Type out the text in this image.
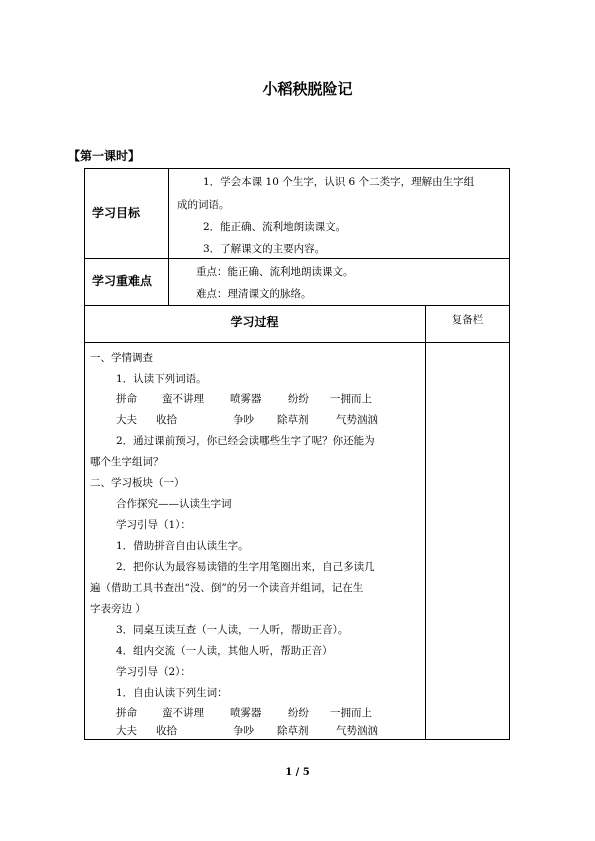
小稻秧脱险记
【第一课时】
学习目标
1．学会本课 10 个生字，认识 6 个二类字，理解由生字组
成的词语。
2．能正确、流利地朗读课文。
3．了解课文的主要内容。
学习重难点
重点：能正确、流利地朗读课文。
难点：理清课文的脉络。
学习过程	复备栏
一、学情调查
1．认读下列词语。
拼命 蛮不讲理 喷雾器	纷纷 一拥而上
大夫 收拾	争吵 除草剂	气势汹汹
2．通过课前预习，你已经会读哪些生字了呢？你还能为
哪个生字组词？
二、学习板块（一）
合作探究——认读生字词
学习引导（1）：
1．借助拼音自由认读生字。
2．把你认为最容易读错的生字用笔圈出来，自己多读几
遍（借助工具书查出“没、倒”的另一个读音并组词，记在生
字表旁边 ）
3．同桌互读互查（一人读，一人听，帮助正音）。
4．组内交流（一人读，其他人听，帮助正音）
学习引导（2）：
1．自由认读下列生词：
拼命 蛮不讲理 喷雾器	纷纷 一拥而上
大夫 收拾	争吵 除草剂	气势汹汹
1 / 5
